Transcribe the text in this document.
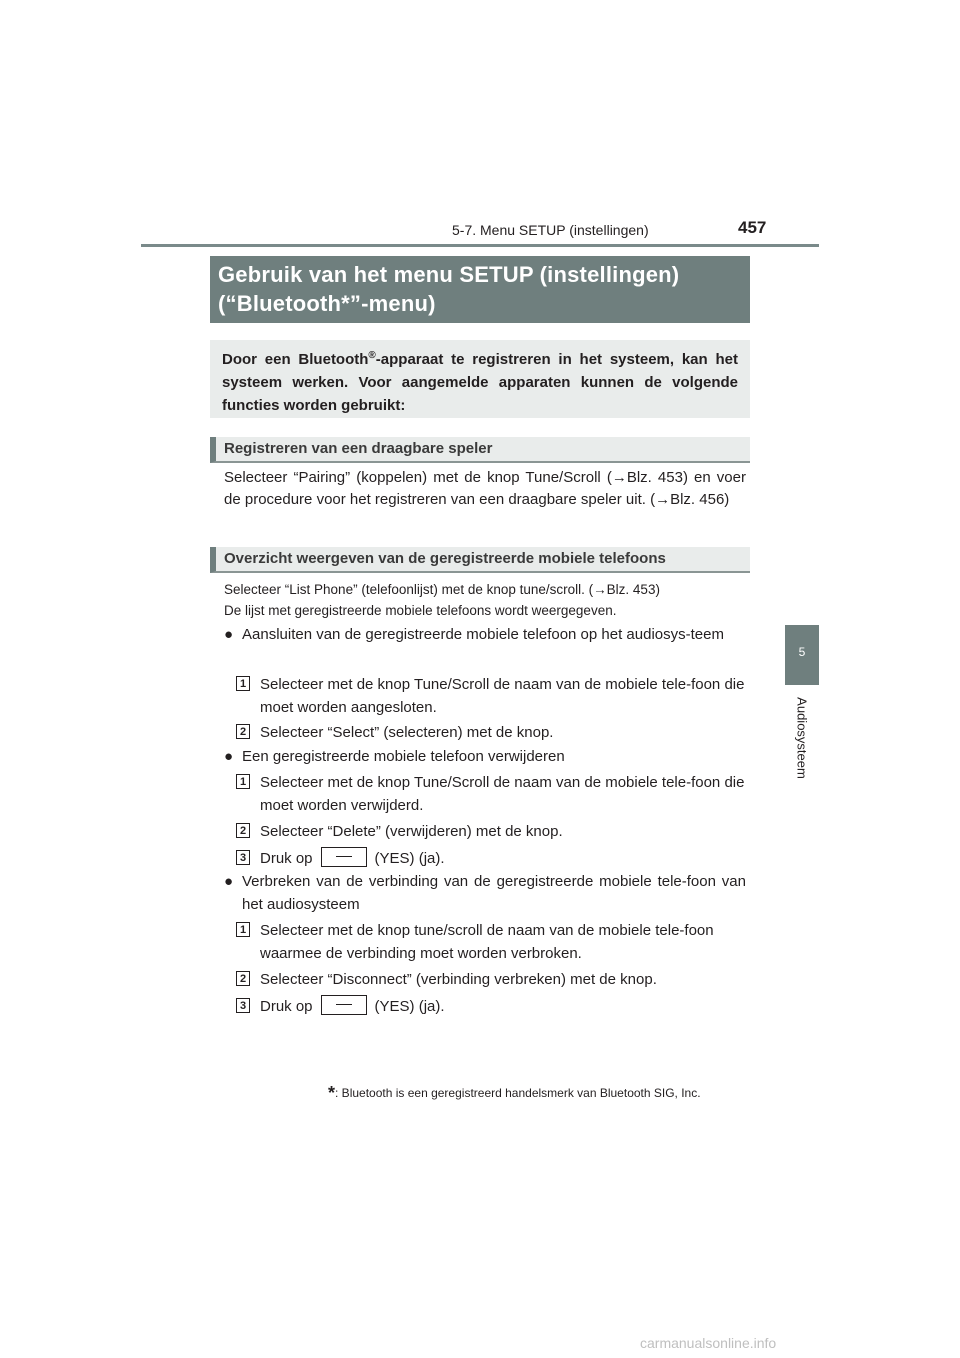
5-7. Menu SETUP (instellingen)	457
5
Audiosysteem
Gebruik van het menu SETUP (instellingen)
(“Bluetooth*”-menu)
Door een Bluetooth®-apparaat te registreren in het systeem, kan het systeem werken. Voor aangemelde apparaten kunnen de volgende functies worden gebruikt:
Registreren van een draagbare speler
Selecteer “Pairing” (koppelen) met de knop Tune/Scroll (→Blz. 453) en voer de procedure voor het registreren van een draagbare speler uit. (→Blz. 456)
Overzicht weergeven van de geregistreerde mobiele telefoons
Selecteer “List Phone” (telefoonlijst) met de knop tune/scroll. (→Blz. 453)
De lijst met geregistreerde mobiele telefoons wordt weergegeven.
● Aansluiten van de geregistreerde mobiele telefoon op het audiosys-teem
1 Selecteer met de knop Tune/Scroll de naam van de mobiele tele-foon die moet worden aangesloten.
2 Selecteer “Select” (selecteren) met de knop.
● Een geregistreerde mobiele telefoon verwijderen
1 Selecteer met de knop Tune/Scroll de naam van de mobiele tele-foon die moet worden verwijderd.
2 Selecteer “Delete” (verwijderen) met de knop.
3 Druk op	(YES) (ja).
● Verbreken van de verbinding van de geregistreerde mobiele tele-foon van het audiosysteem
1 Selecteer met de knop tune/scroll de naam van de mobiele tele-foon waarmee de verbinding moet worden verbroken.
2 Selecteer “Disconnect” (verbinding verbreken) met de knop.
3 Druk op	(YES) (ja).
*: Bluetooth is een geregistreerd handelsmerk van Bluetooth SIG, Inc.
carmanualsonline.info
